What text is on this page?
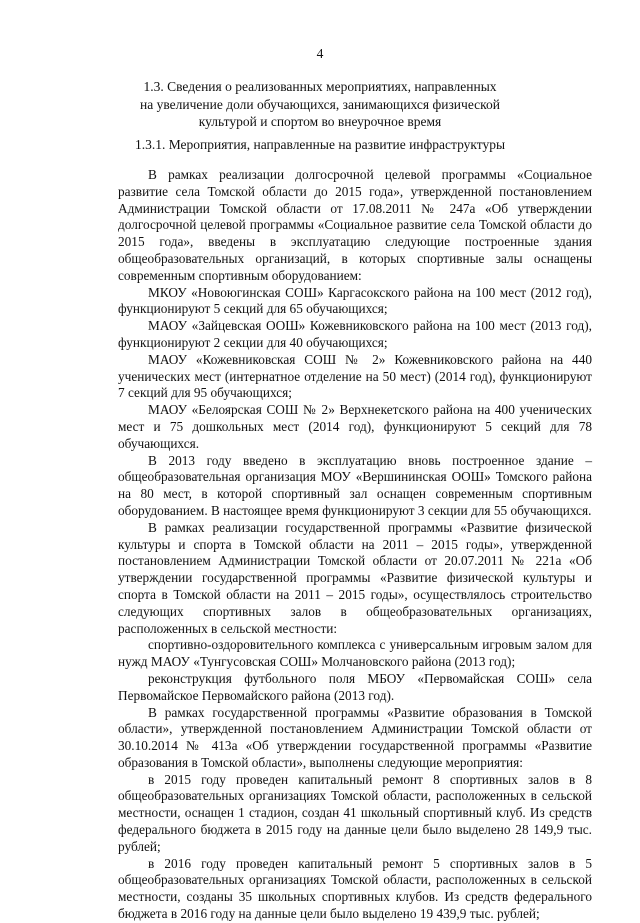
4
1.3. Сведения о реализованных мероприятиях, направленных
на увеличение доли обучающихся, занимающихся физической
культурой и спортом во внеурочное время
1.3.1. Мероприятия, направленные на развитие инфраструктуры

В рамках реализации долгосрочной целевой программы «Социальное развитие села Томской области до 2015 года», утвержденной постановлением Администрации Томской области от 17.08.2011 № 247а «Об утверждении долгосрочной целевой программы «Социальное развитие села Томской области до 2015 года», введены в эксплуатацию следующие построенные здания общеобразовательных организаций, в которых спортивные залы оснащены современным спортивным оборудованием:

МКОУ «Новоюгинская СОШ» Каргасокского района на 100 мест (2012 год), функционируют 5 секций для 65 обучающихся;

МАОУ «Зайцевская ООШ» Кожевниковского района на 100 мест (2013 год), функционируют 2 секции для 40 обучающихся;

МАОУ «Кожевниковская СОШ № 2» Кожевниковского района на 440 ученических мест (интернатное отделение на 50 мест) (2014 год), функционируют 7 секций для 95 обучающихся;

МАОУ «Белоярская СОШ № 2» Верхнекетского района на 400 ученических мест и 75 дошкольных мест (2014 год), функционируют 5 секций для 78 обучающихся.

В 2013 году введено в эксплуатацию вновь построенное здание – общеобразовательная организация МОУ «Вершининская ООШ» Томского района на 80 мест, в которой спортивный зал оснащен современным спортивным оборудованием. В настоящее время функционируют 3 секции для 55 обучающихся.

В рамках реализации государственной программы «Развитие физической культуры и спорта в Томской области на 2011 – 2015 годы», утвержденной постановлением Администрации Томской области от 20.07.2011 № 221а «Об утверждении государственной программы «Развитие физической культуры и спорта в Томской области на 2011 – 2015 годы», осуществлялось строительство следующих спортивных залов в общеобразовательных организациях, расположенных в сельской местности:

спортивно-оздоровительного комплекса с универсальным игровым залом для нужд МАОУ «Тунгусовская СОШ» Молчановского района (2013 год);

реконструкция футбольного поля МБОУ «Первомайская СОШ» села Первомайское Первомайского района (2013 год).

В рамках государственной программы «Развитие образования в Томской области», утвержденной постановлением Администрации Томской области от 30.10.2014 № 413а «Об утверждении государственной программы «Развитие образования в Томской области», выполнены следующие мероприятия:

в 2015 году проведен капитальный ремонт 8 спортивных залов в 8 общеобразовательных организациях Томской области, расположенных в сельской местности, оснащен 1 стадион, создан 41 школьный спортивный клуб. Из средств федерального бюджета в 2015 году на данные цели было выделено 28 149,9 тыс. рублей;

в 2016 году проведен капитальный ремонт 5 спортивных залов в 5 общеобразовательных организациях Томской области, расположенных в сельской местности, созданы 35 школьных спортивных клубов. Из средств федерального бюджета в 2016 году на данные цели было выделено 19 439,9 тыс. рублей;
